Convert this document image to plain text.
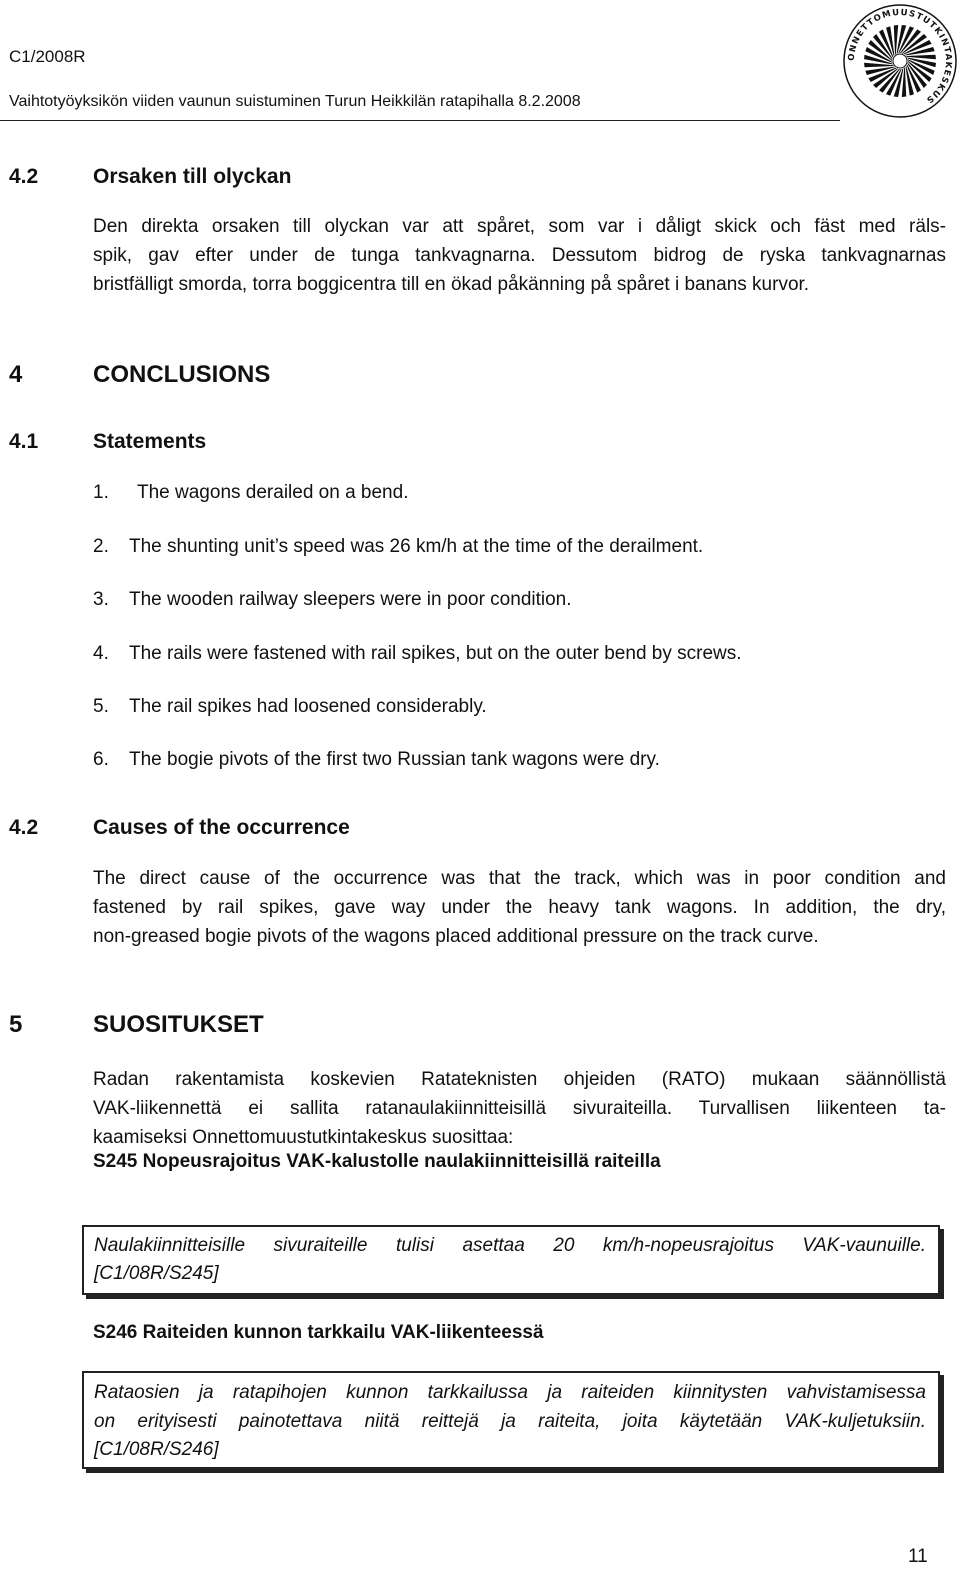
C1/2008R
Vaihtotyöyksikön viiden vaunun suistuminen Turun Heikkilän ratapihalla 8.2.2008
ONNETTOMUUSTUTKINTAKESKUS
4.2	Orsaken till olyckan
Den direkta orsaken till olyckan var att spåret, som var i dåligt skick och fäst med räls-
spik, gav efter under de tunga tankvagnarna. Dessutom bidrog de ryska tankvagnarnas
bristfälligt smorda, torra boggicentra till en ökad påkänning på spåret i banans kurvor.
4	CONCLUSIONS
4.1	Statements
1. The wagons derailed on a bend.
2. The shunting unit’s speed was 26 km/h at the time of the derailment.
3. The wooden railway sleepers were in poor condition.
4. The rails were fastened with rail spikes, but on the outer bend by screws.
5. The rail spikes had loosened considerably.
6. The bogie pivots of the first two Russian tank wagons were dry.
4.2	Causes of the occurrence
The direct cause of the occurrence was that the track, which was in poor condition and
fastened by rail spikes, gave way under the heavy tank wagons. In addition, the dry,
non-greased bogie pivots of the wagons placed additional pressure on the track curve.
5	SUOSITUKSET
Radan rakentamista koskevien Ratateknisten ohjeiden (RATO) mukaan säännöllistä
VAK-liikennettä ei sallita ratanaulakiinnitteisillä sivuraiteilla. Turvallisen liikenteen ta-
kaamiseksi Onnettomuustutkintakeskus suosittaa:
S245 Nopeusrajoitus VAK-kalustolle naulakiinnitteisillä raiteilla
Naulakiinnitteisille sivuraiteille tulisi asettaa 20 km/h-nopeusrajoitus VAK-vaunuille.
[C1/08R/S245]
S246 Raiteiden kunnon tarkkailu VAK-liikenteessä
Rataosien ja ratapihojen kunnon tarkkailussa ja raiteiden kiinnitysten vahvistamisessa
on erityisesti painotettava niitä reittejä ja raiteita, joita käytetään VAK-kuljetuksiin.
[C1/08R/S246]
11
